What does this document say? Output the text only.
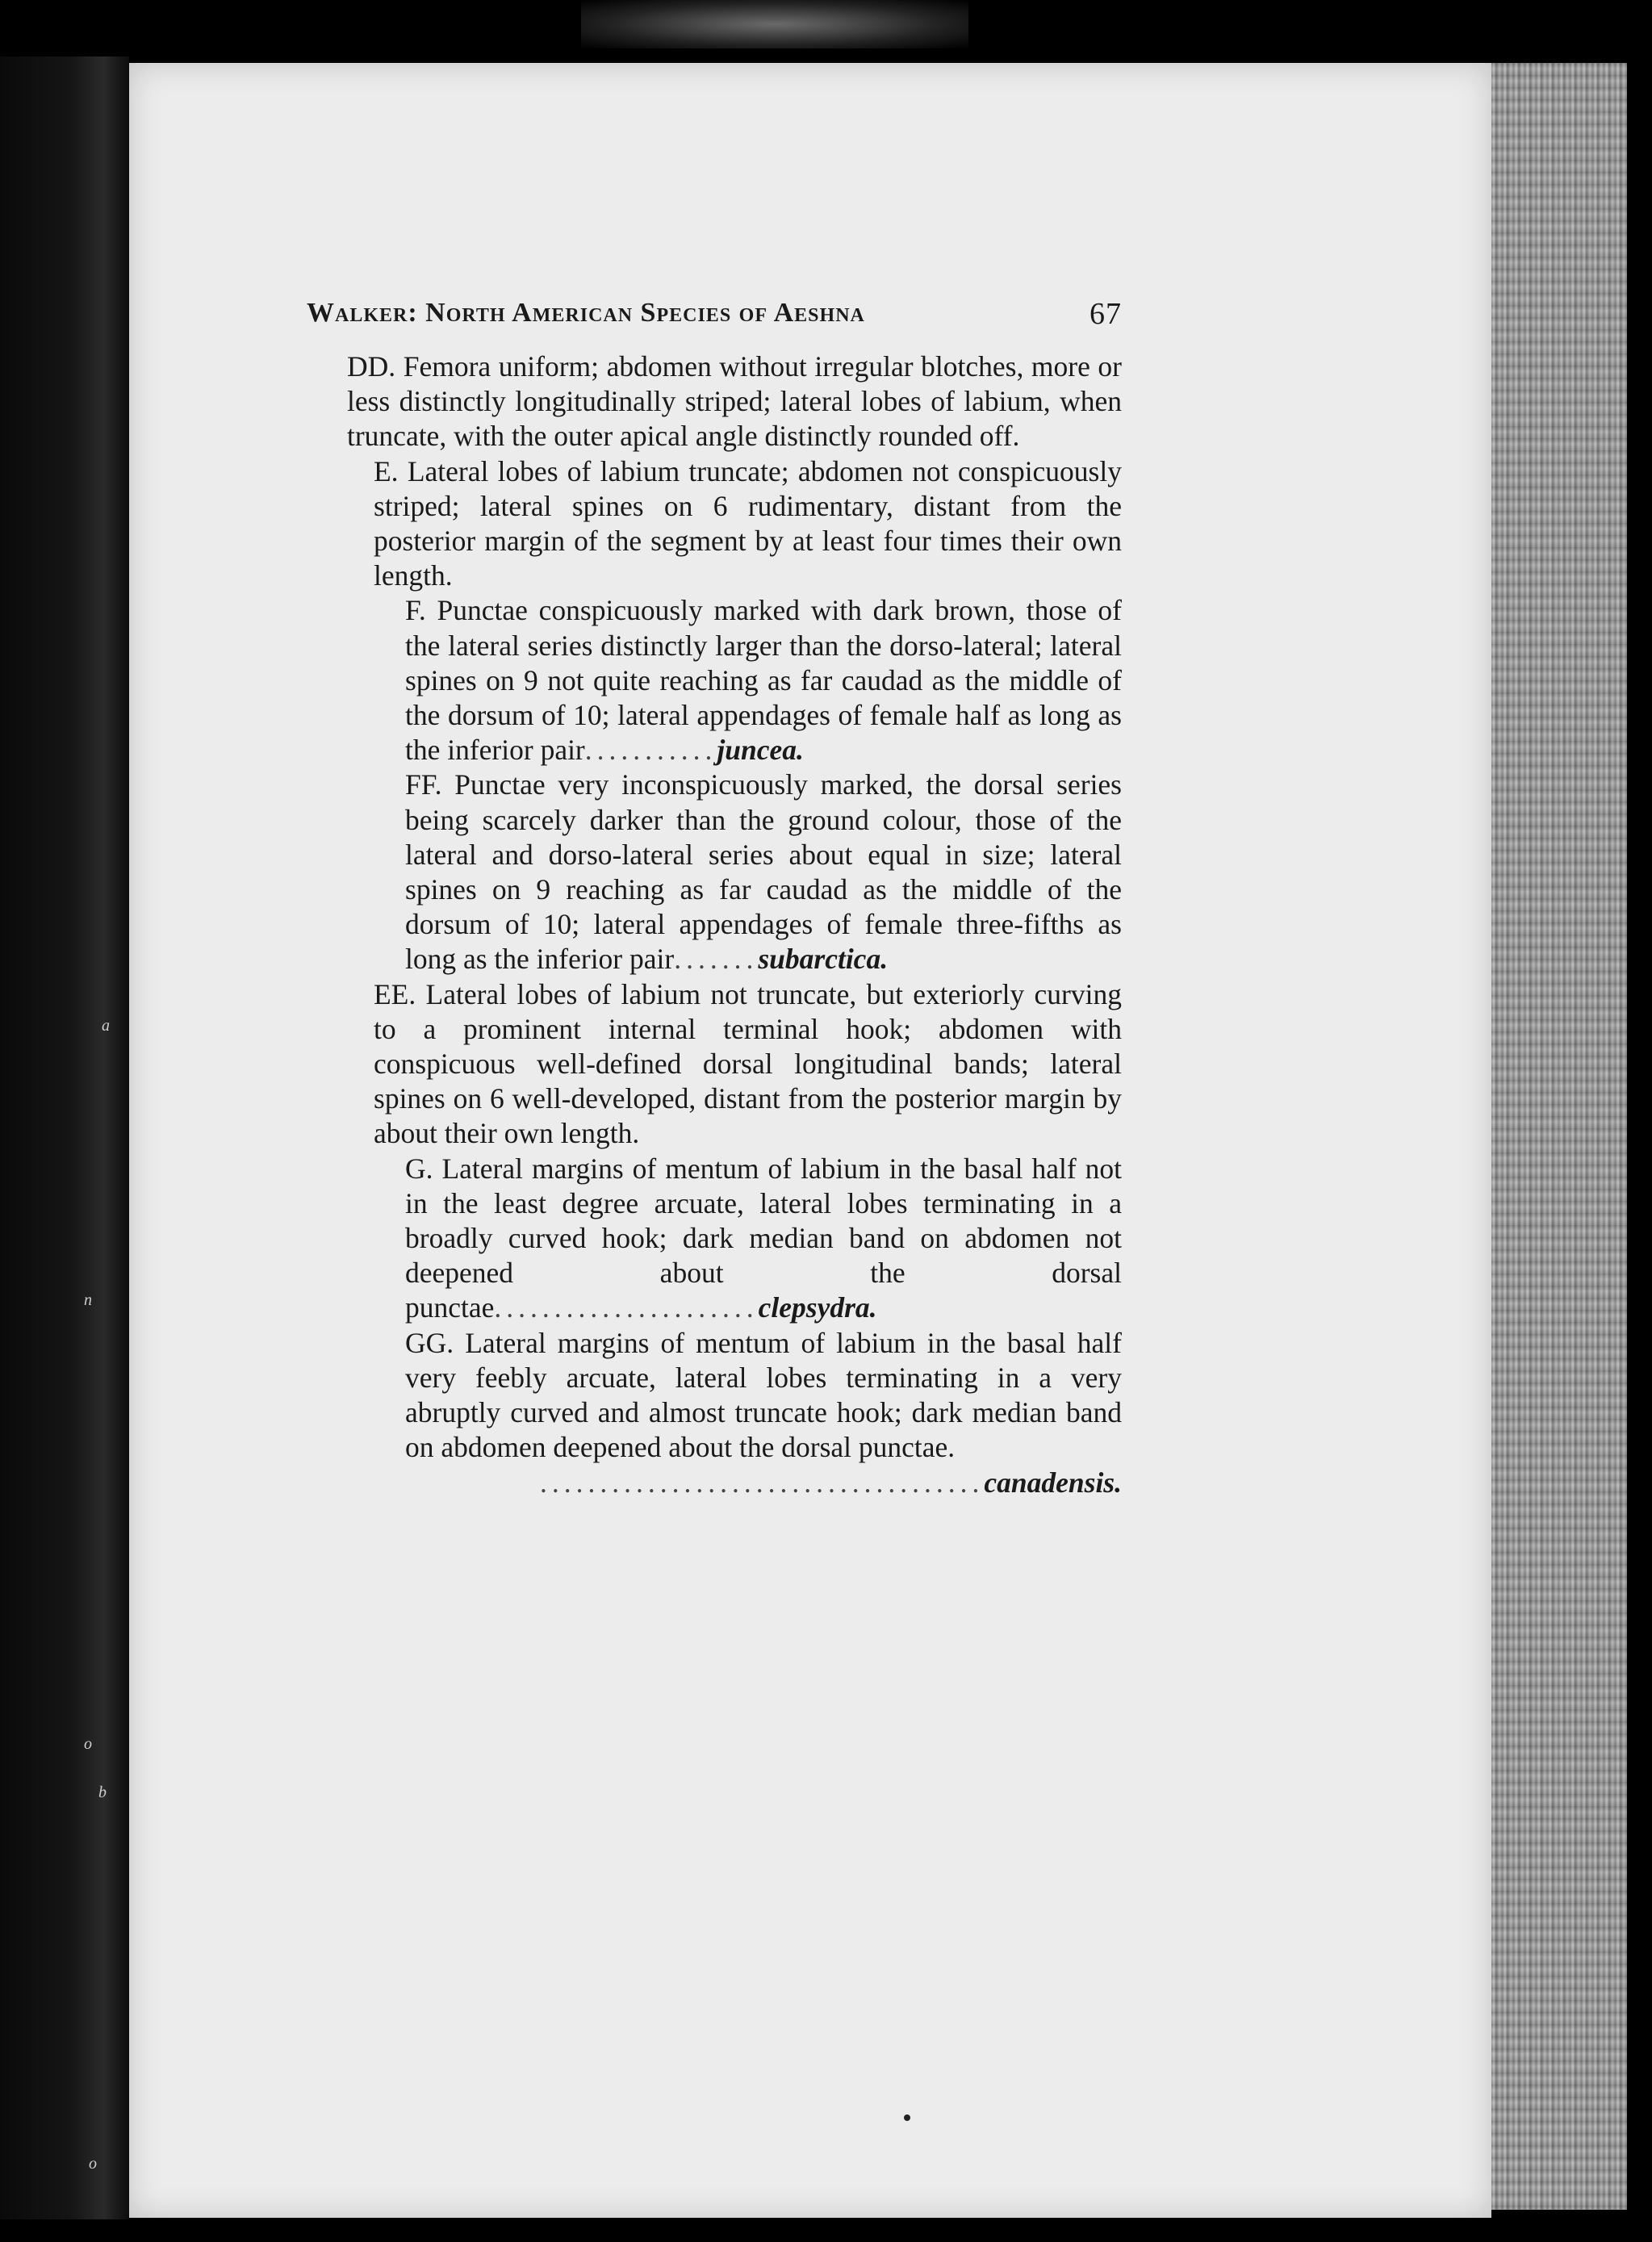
a
n
o
b
o
Walker: North American Species of Aeshna	67

DD. Femora uniform; abdomen without irregular blotches, more or less distinctly longitudinally striped; lateral lobes of labium, when truncate, with the outer apical angle distinctly rounded off.

E. Lateral lobes of labium truncate; abdomen not conspicuously striped; lateral spines on 6 rudimentary, distant from the posterior margin of the segment by at least four times their own length.

F. Punctae conspicuously marked with dark brown, those of the lateral series distinctly larger than the dorso-lateral; lateral spines on 9 not quite reaching as far caudad as the middle of the dorsum of 10; lateral appendages of female half as long as the inferior pair...........juncea.

FF. Punctae very inconspicuously marked, the dorsal series being scarcely darker than the ground colour, those of the lateral and dorso-lateral series about equal in size; lateral spines on 9 reaching as far caudad as the middle of the dorsum of 10; lateral appendages of female three-fifths as long as the inferior pair.......subarctica.

EE. Lateral lobes of labium not truncate, but exteriorly curving to a prominent internal terminal hook; abdomen with conspicuous well-defined dorsal longitudinal bands; lateral spines on 6 well-developed, distant from the posterior margin by about their own length.

G. Lateral margins of mentum of labium in the basal half not in the least degree arcuate, lateral lobes terminating in a broadly curved hook; dark median band on abdomen not deepened about the dorsal punctae......................clepsydra.

GG. Lateral margins of mentum of labium in the basal half very feebly arcuate, lateral lobes terminating in a very abruptly curved and almost truncate hook; dark median band on abdomen deepened about the dorsal punctae.
.....................................canadensis.
